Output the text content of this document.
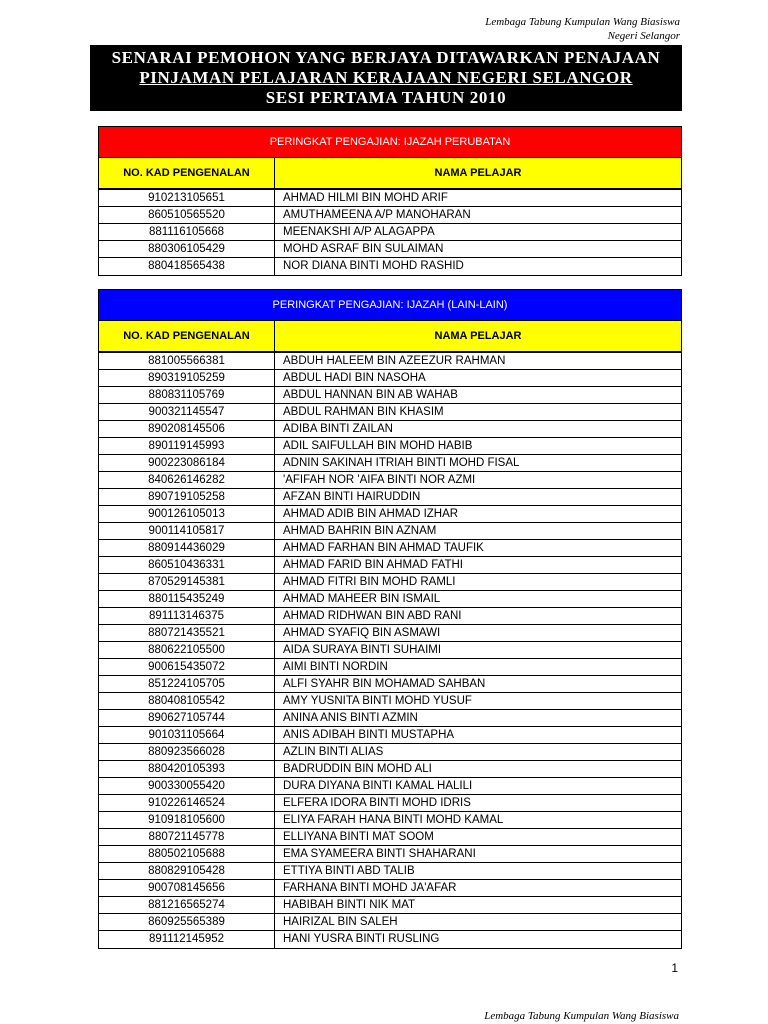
Lembaga Tabung Kumpulan Wang Biasiswa
Negeri Selangor
SENARAI PEMOHON YANG BERJAYA DITAWARKAN PENAJAAN
PINJAMAN PELAJARAN KERAJAAN NEGERI SELANGOR
SESI PERTAMA TAHUN 2010
PERINGKAT PENGAJIAN: IJAZAH PERUBATAN
NO. KAD PENGENALAN	NAMA PELAJAR
910213105651	AHMAD HILMI BIN MOHD ARIF
860510565520	AMUTHAMEENA A/P MANOHARAN
881116105668	MEENAKSHI A/P ALAGAPPA
880306105429	MOHD ASRAF BIN SULAIMAN
880418565438	NOR DIANA BINTI MOHD RASHID
PERINGKAT PENGAJIAN: IJAZAH (LAIN-LAIN)
NO. KAD PENGENALAN	NAMA PELAJAR
881005566381	ABDUH HALEEM BIN AZEEZUR RAHMAN
890319105259	ABDUL HADI BIN NASOHA
880831105769	ABDUL HANNAN BIN AB WAHAB
900321145547	ABDUL RAHMAN BIN KHASIM
890208145506	ADIBA BINTI ZAILAN
890119145993	ADIL SAIFULLAH BIN MOHD HABIB
900223086184	ADNIN SAKINAH ITRIAH BINTI MOHD FISAL
840626146282	'AFIFAH NOR 'AIFA BINTI NOR AZMI
890719105258	AFZAN BINTI HAIRUDDIN
900126105013	AHMAD ADIB BIN AHMAD IZHAR
900114105817	AHMAD BAHRIN BIN AZNAM
880914436029	AHMAD FARHAN BIN AHMAD TAUFIK
860510436331	AHMAD FARID BIN AHMAD FATHI
870529145381	AHMAD FITRI BIN MOHD RAMLI
880115435249	AHMAD MAHEER BIN ISMAIL
891113146375	AHMAD RIDHWAN BIN ABD RANI
880721435521	AHMAD SYAFIQ BIN ASMAWI
880622105500	AIDA SURAYA BINTI SUHAIMI
900615435072	AIMI BINTI NORDIN
851224105705	ALFI SYAHR BIN MOHAMAD SAHBAN
880408105542	AMY YUSNITA BINTI MOHD YUSUF
890627105744	ANINA ANIS BINTI AZMIN
901031105664	ANIS ADIBAH BINTI MUSTAPHA
880923566028	AZLIN BINTI ALIAS
880420105393	BADRUDDIN BIN MOHD ALI
900330055420	DURA DIYANA BINTI KAMAL HALILI
910226146524	ELFERA IDORA BINTI MOHD IDRIS
910918105600	ELIYA FARAH HANA BINTI MOHD KAMAL
880721145778	ELLIYANA BINTI MAT SOOM
880502105688	EMA SYAMEERA BINTI SHAHARANI
880829105428	ETTIYA BINTI ABD TALIB
900708145656	FARHANA BINTI MOHD JA'AFAR
881216565274	HABIBAH BINTI NIK MAT
860925565389	HAIRIZAL BIN SALEH
891112145952	HANI YUSRA BINTI RUSLING
1
Lembaga Tabung Kumpulan Wang Biasiswa
